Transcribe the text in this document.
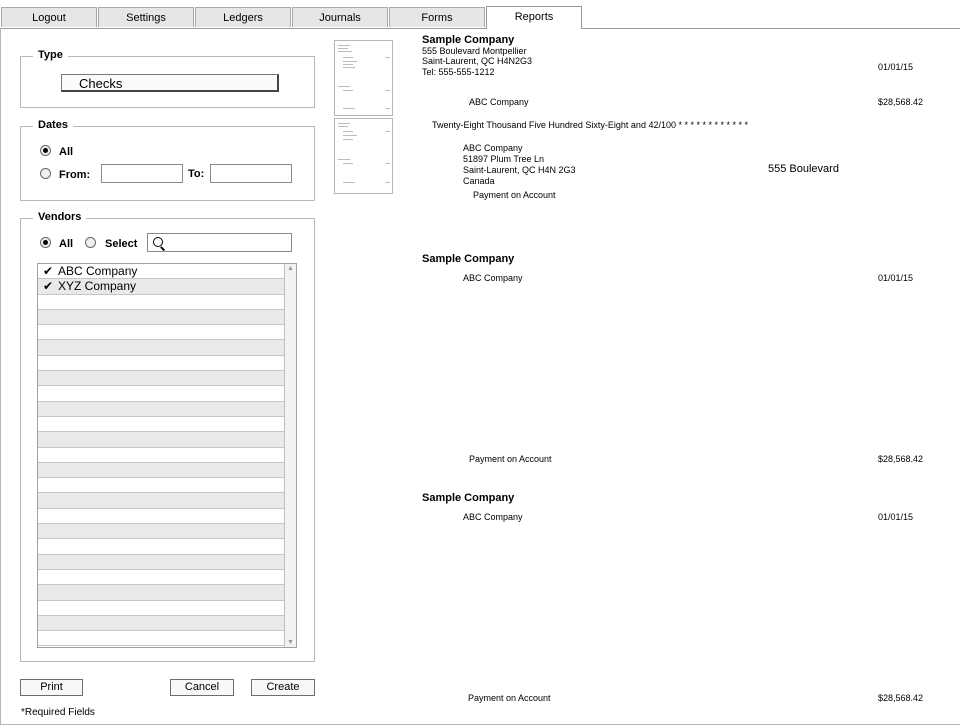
Logout	Settings	Ledgers	Journals	Forms	Reports
Type
Checks
Dates
All
From:	To:
Vendors
All	Select
✔ ABC Company
✔ XYZ Company
▲
▼
Print	Cancel	Create
*Required Fields
Sample Company
555 Boulevard Montpellier
Saint-Laurent, QC H4N2G3
Tel: 555-555-1212	01/01/15
ABC Company	$28,568.42
Twenty-Eight Thousand Five Hundred Sixty-Eight and 42/100 * * * * * * * * * * * *
ABC Company
51897 Plum Tree Ln
Saint-Laurent, QC H4N 2G3
Canada
555 Boulevard
Payment on Account
Sample Company
ABC Company	01/01/15
Payment on Account	$28,568.42
Sample Company
ABC Company	01/01/15
Payment on Account	$28,568.42
